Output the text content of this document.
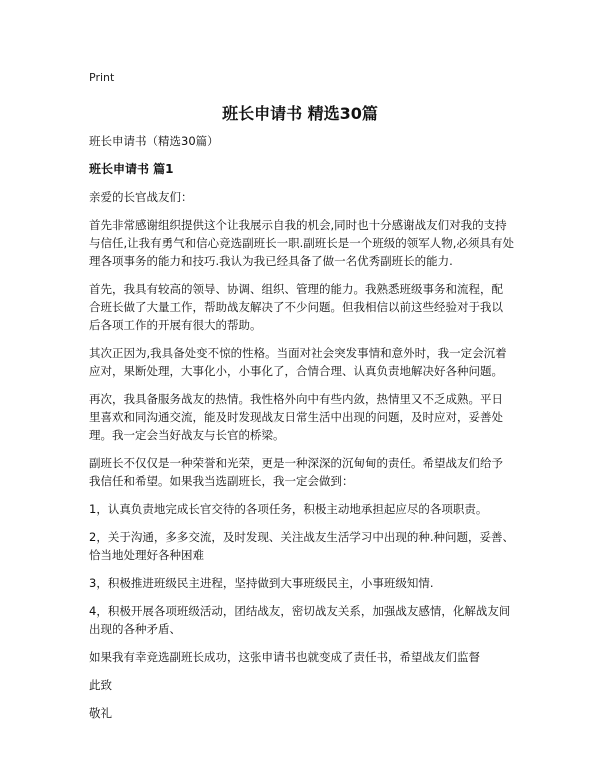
Print
班长申请书 精选30篇
班长申请书（精选30篇）
班长申请书 篇1

亲爱的长官战友们：

首先非常感谢组织提供这个让我展示自我的机会,同时也十分感谢战友们对我的支持与信任,让我有勇气和信心竞选副班长一职.副班长是一个班级的领军人物,必须具有处理各项事务的能力和技巧.我认为我已经具备了做一名优秀副班长的能力.

首先，我具有较高的领导、协调、组织、管理的能力。我熟悉班级事务和流程，配合班长做了大量工作，帮助战友解决了不少问题。但我相信以前这些经验对于我以后各项工作的开展有很大的帮助。

其次正因为,我具备处变不惊的性格。当面对社会突发事情和意外时，我一定会沉着应对，果断处理，大事化小，小事化了，合情合理、认真负责地解决好各种问题。

再次，我具备服务战友的热情。我性格外向中有些内敛，热情里又不乏成熟。平日里喜欢和同沟通交流，能及时发现战友日常生活中出现的问题，及时应对，妥善处理。我一定会当好战友与长官的桥梁。

副班长不仅仅是一种荣誉和光荣，更是一种深深的沉甸甸的责任。希望战友们给予我信任和希望。如果我当选副班长，我一定会做到：

1，认真负责地完成长官交待的各项任务，积极主动地承担起应尽的各项职责。

2，关于沟通，多多交流，及时发现、关注战友生活学习中出现的种.种问题，妥善、恰当地处理好各种困难

3，积极推进班级民主进程，坚持做到大事班级民主，小事班级知情.

4，积极开展各项班级活动，团结战友，密切战友关系，加强战友感情，化解战友间出现的各种矛盾、

如果我有幸竞选副班长成功，这张申请书也就变成了责任书，希望战友们监督

此致

敬礼
